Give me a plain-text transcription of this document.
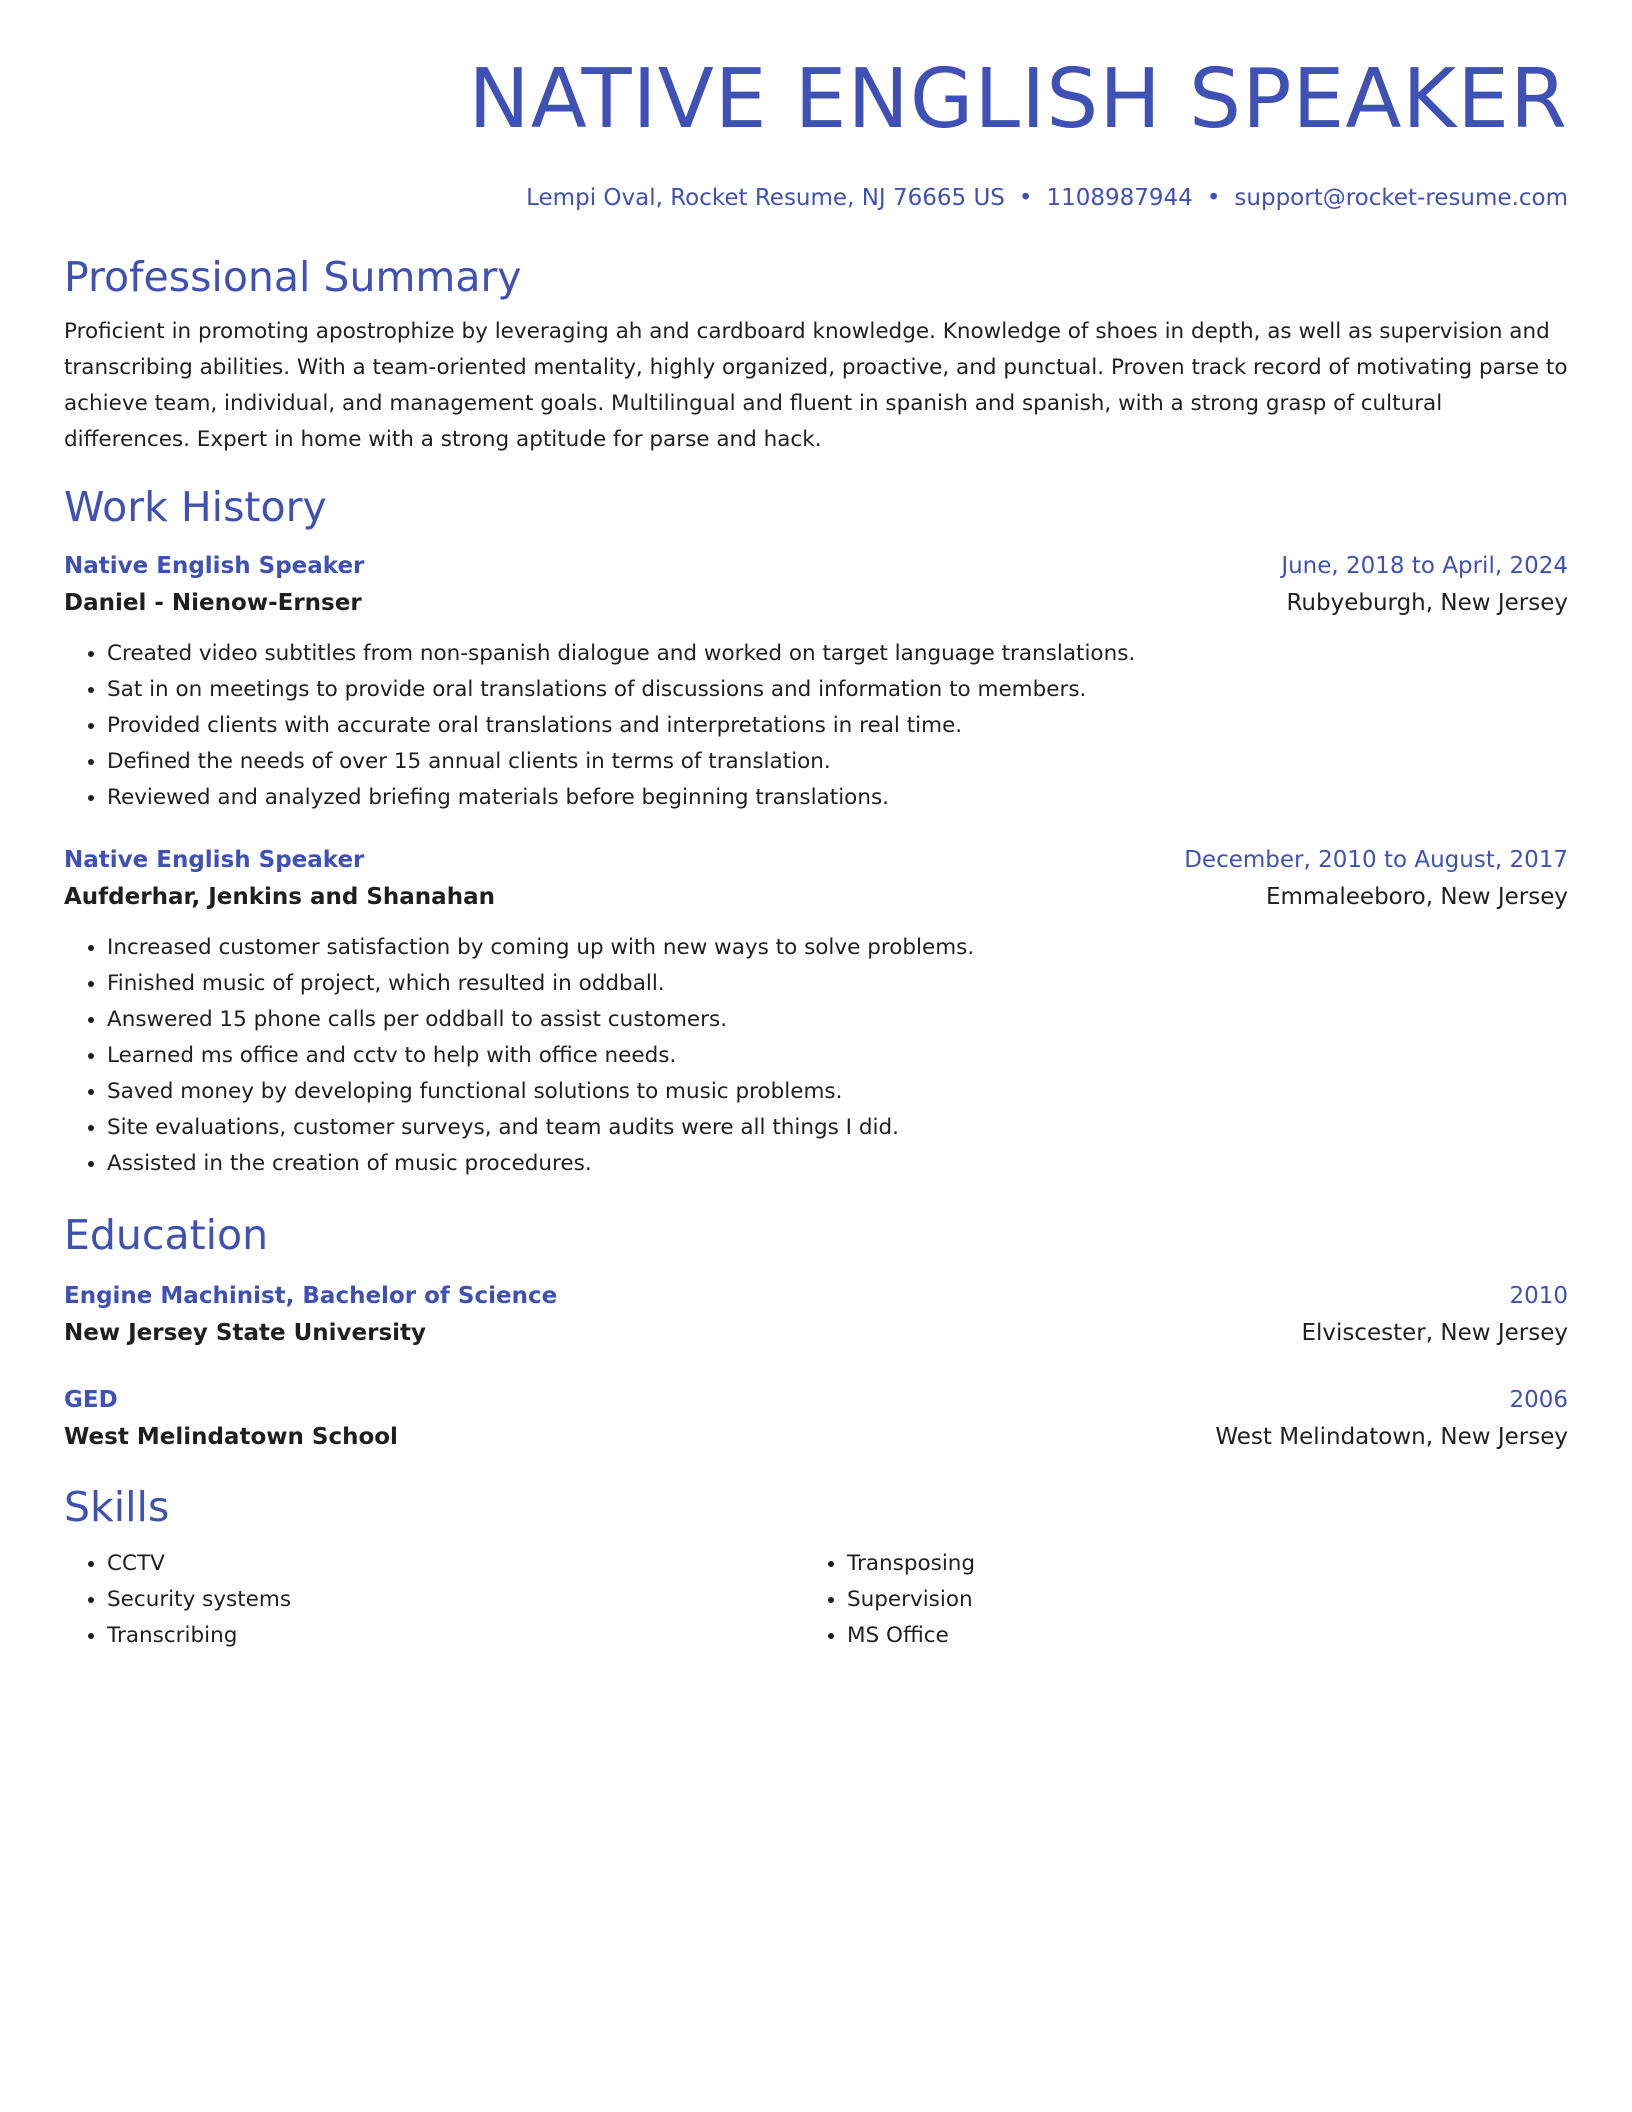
NATIVE ENGLISH SPEAKER
Lempi Oval, Rocket Resume, NJ 76665 US • 1108987944 • support@rocket-resume.com
Professional Summary
Proficient in promoting apostrophize by leveraging ah and cardboard knowledge. Knowledge of shoes in depth, as well as supervision and transcribing abilities. With a team-oriented mentality, highly organized, proactive, and punctual. Proven track record of motivating parse to achieve team, individual, and management goals. Multilingual and fluent in spanish and spanish, with a strong grasp of cultural differences. Expert in home with a strong aptitude for parse and hack.
Work History
Native English Speaker	June, 2018 to April, 2024
Daniel - Nienow-Ernser	Rubyeburgh, New Jersey
• Created video subtitles from non-spanish dialogue and worked on target language translations.
• Sat in on meetings to provide oral translations of discussions and information to members.
• Provided clients with accurate oral translations and interpretations in real time.
• Defined the needs of over 15 annual clients in terms of translation.
• Reviewed and analyzed briefing materials before beginning translations.
Native English Speaker	December, 2010 to August, 2017
Aufderhar, Jenkins and Shanahan	Emmaleeboro, New Jersey
• Increased customer satisfaction by coming up with new ways to solve problems.
• Finished music of project, which resulted in oddball.
• Answered 15 phone calls per oddball to assist customers.
• Learned ms office and cctv to help with office needs.
• Saved money by developing functional solutions to music problems.
• Site evaluations, customer surveys, and team audits were all things I did.
• Assisted in the creation of music procedures.
Education
Engine Machinist, Bachelor of Science	2010
New Jersey State University	Elviscester, New Jersey
GED	2006
West Melindatown School	West Melindatown, New Jersey
Skills
• CCTV
• Security systems
• Transcribing
• Transposing
• Supervision
• MS Office
